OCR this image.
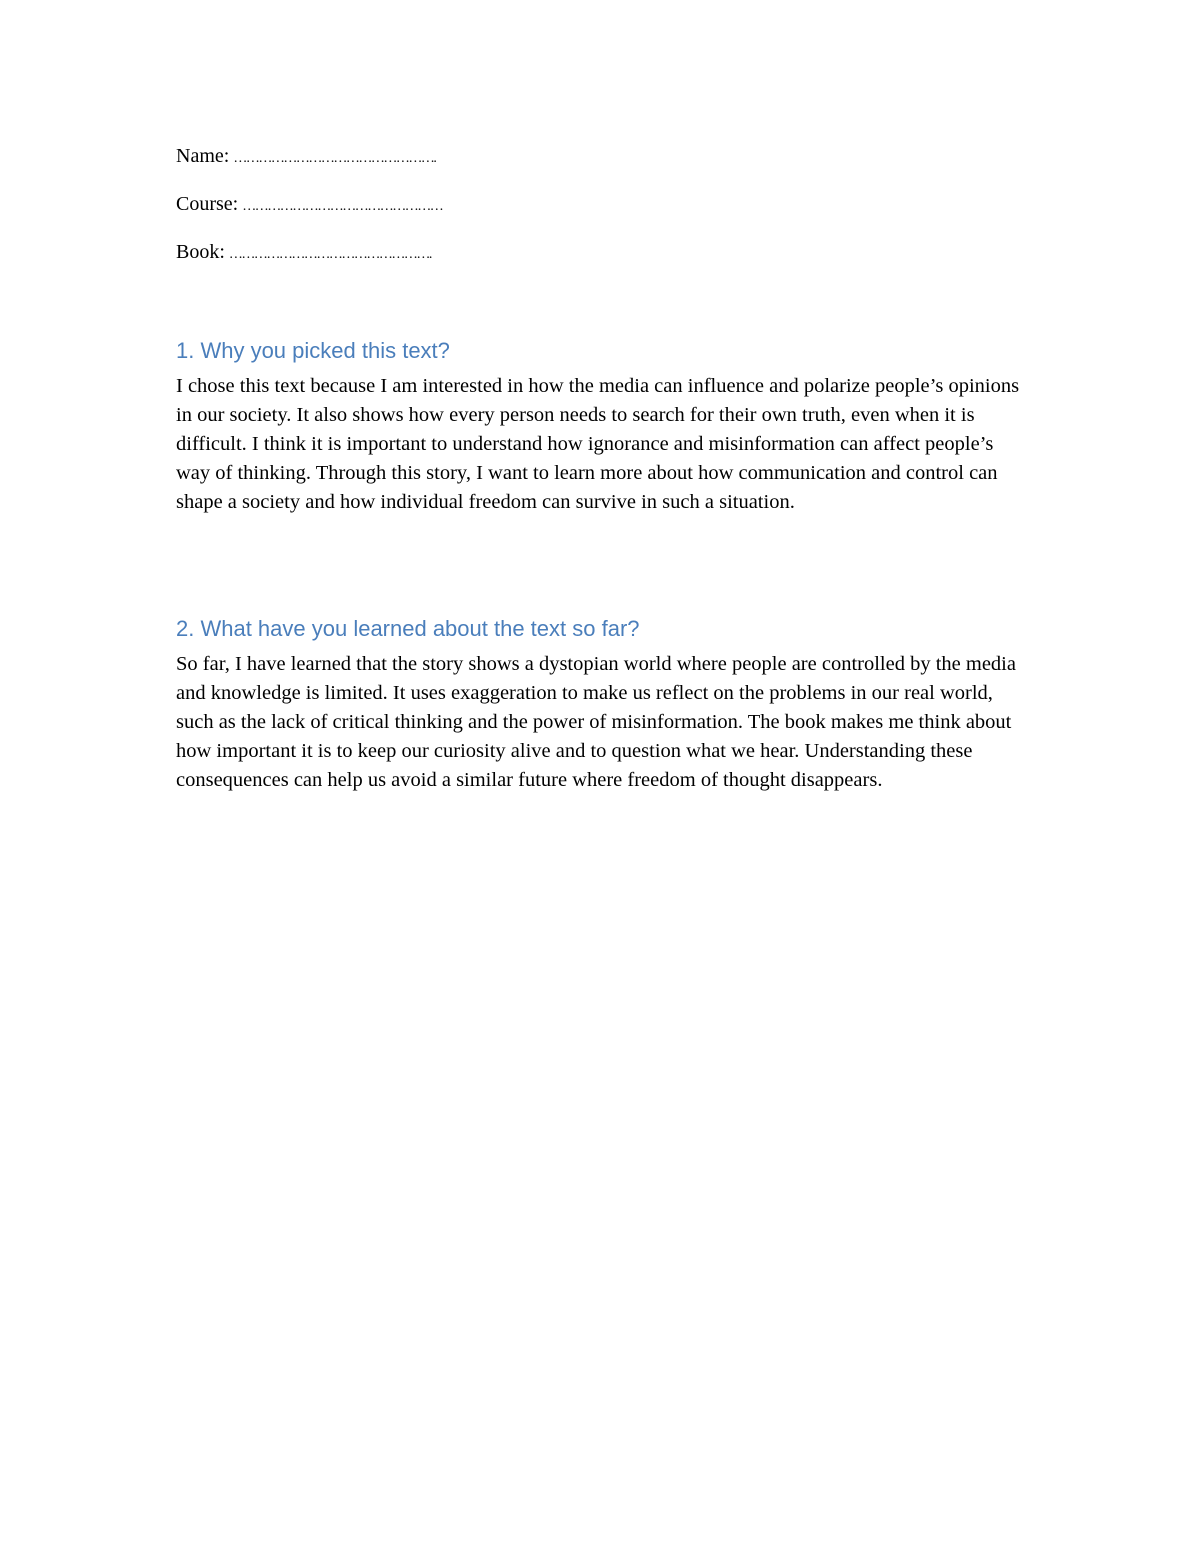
Name: ………………………………………….
Course: …………………………………………
Book: ………………………………………….
1. Why you picked this text?

I chose this text because I am interested in how the media can influence and polarize people’s opinions in our society. It also shows how every person needs to search for their own truth, even when it is difficult. I think it is important to understand how ignorance and misinformation can affect people’s way of thinking. Through this story, I want to learn more about how communication and control can shape a society and how individual freedom can survive in such a situation.

2. What have you learned about the text so far?

So far, I have learned that the story shows a dystopian world where people are controlled by the media and knowledge is limited. It uses exaggeration to make us reflect on the problems in our real world, such as the lack of critical thinking and the power of misinformation. The book makes me think about how important it is to keep our curiosity alive and to question what we hear. Understanding these consequences can help us avoid a similar future where freedom of thought disappears.
